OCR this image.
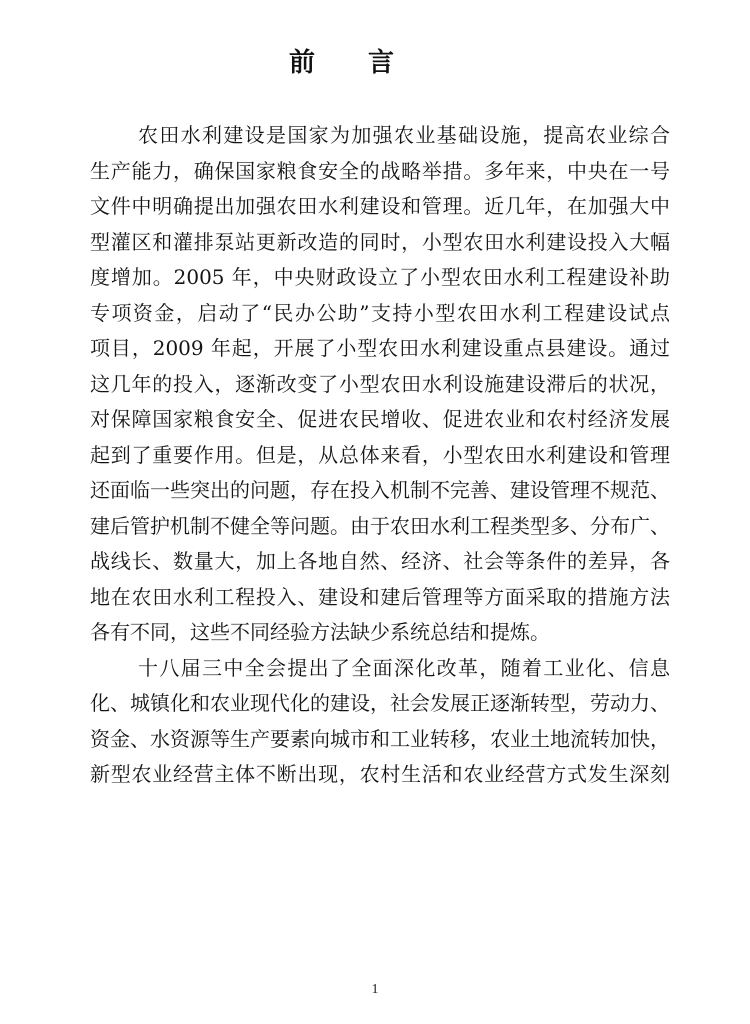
前 言
农田水利建设是国家为加强农业基础设施，提高农业综合
生产能力，确保国家粮食安全的战略举措。多年来，中央在一号
文件中明确提出加强农田水利建设和管理。近几年，在加强大中
型灌区和灌排泵站更新改造的同时，小型农田水利建设投入大幅
度增加。2005 年，中央财政设立了小型农田水利工程建设补助
专项资金，启动了“民办公助”支持小型农田水利工程建设试点
项目，2009 年起，开展了小型农田水利建设重点县建设。通过
这几年的投入，逐渐改变了小型农田水利设施建设滞后的状况，
对保障国家粮食安全、促进农民增收、促进农业和农村经济发展
起到了重要作用。但是，从总体来看，小型农田水利建设和管理
还面临一些突出的问题，存在投入机制不完善、建设管理不规范、
建后管护机制不健全等问题。由于农田水利工程类型多、分布广、
战线长、数量大，加上各地自然、经济、社会等条件的差异，各
地在农田水利工程投入、建设和建后管理等方面采取的措施方法
各有不同，这些不同经验方法缺少系统总结和提炼。
十八届三中全会提出了全面深化改革，随着工业化、信息
化、城镇化和农业现代化的建设，社会发展正逐渐转型，劳动力、
资金、水资源等生产要素向城市和工业转移，农业土地流转加快，
新型农业经营主体不断出现，农村生活和农业经营方式发生深刻
1
